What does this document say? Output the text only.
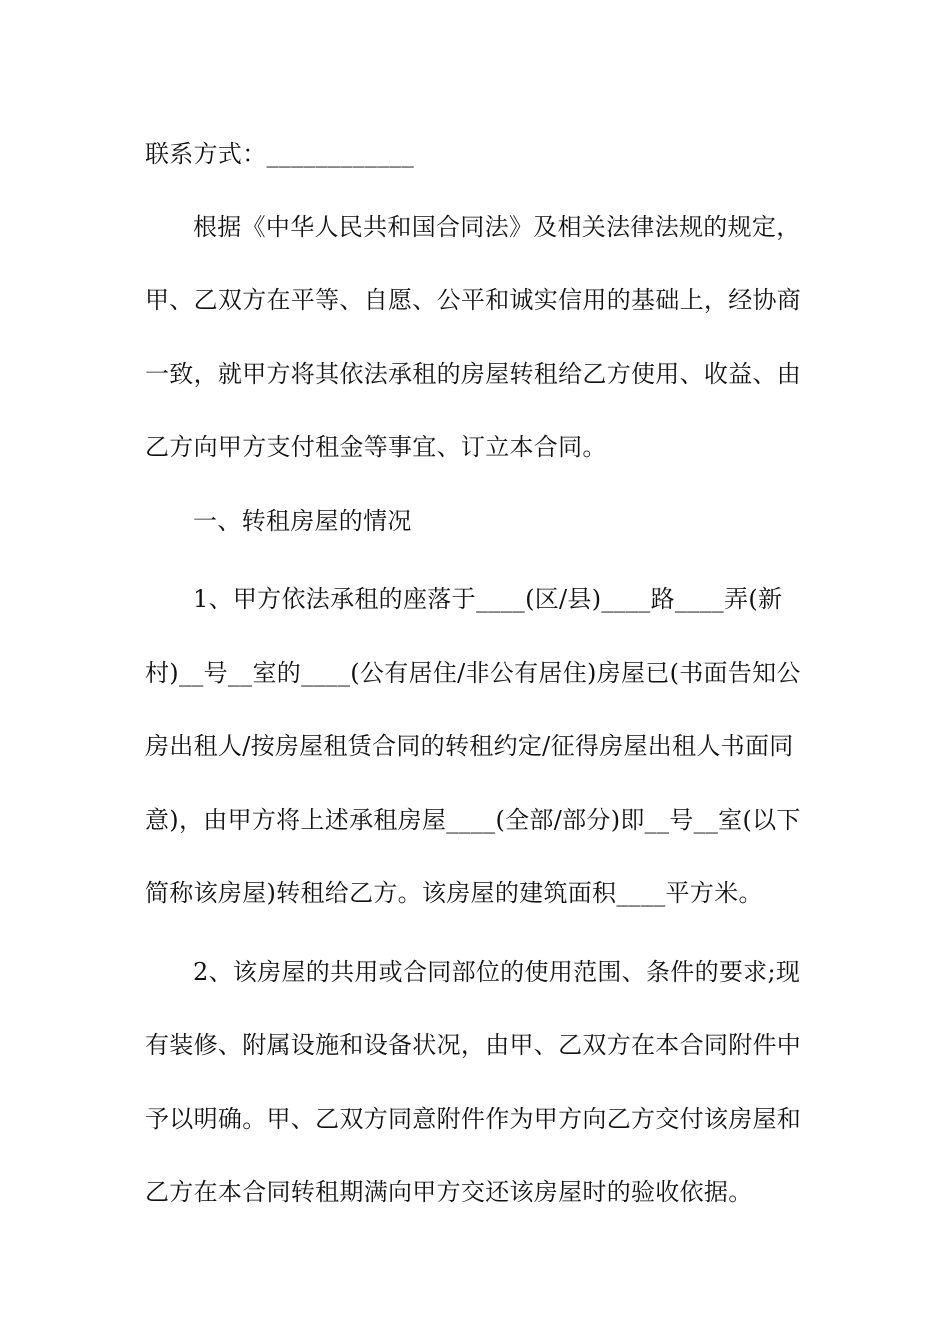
联系方式：____________
根据《中华人民共和国合同法》及相关法律法规的规定，
甲、乙双方在平等、自愿、公平和诚实信用的基础上，经协商
一致，就甲方将其依法承租的房屋转租给乙方使用、收益、由
乙方向甲方支付租金等事宜、订立本合同。
一、转租房屋的情况
1、甲方依法承租的座落于____(区/县)____路____弄(新
村)__号__室的____(公有居住/非公有居住)房屋已(书面告知公
房出租人/按房屋租赁合同的转租约定/征得房屋出租人书面同
意)，由甲方将上述承租房屋____(全部/部分)即__号__室(以下
简称该房屋)转租给乙方。该房屋的建筑面积____平方米。
2、该房屋的共用或合同部位的使用范围、条件的要求;现
有装修、附属设施和设备状况，由甲、乙双方在本合同附件中
予以明确。甲、乙双方同意附件作为甲方向乙方交付该房屋和
乙方在本合同转租期满向甲方交还该房屋时的验收依据。
